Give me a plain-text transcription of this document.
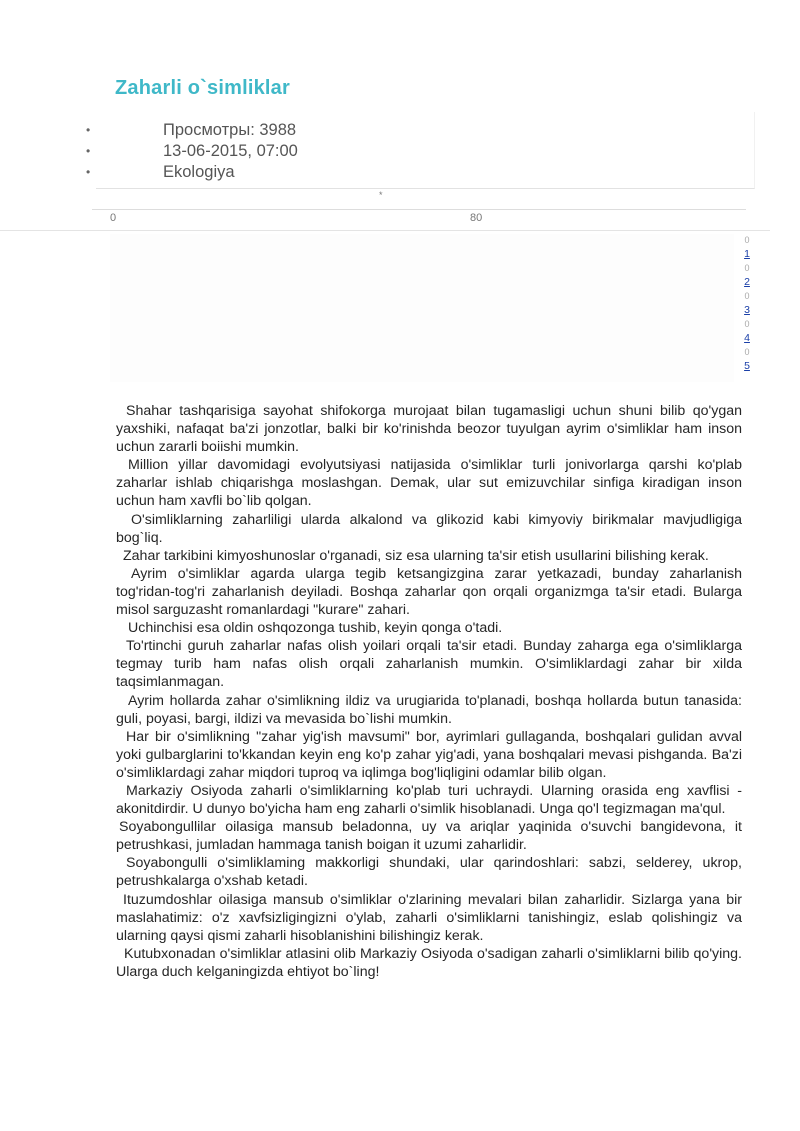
Zaharli o`simliklar
•	Просмотры: 3988
•	13-06-2015, 07:00
•	Ekologiya
*
0	80
0
1
0
2
0
3
0
4
0
5

Shahar tashqarisiga sayohat shifokorga murojaat bilan tugamasligi uchun shuni bilib qo'ygan yaxshiki, nafaqat ba'zi jonzotlar, balki bir ko'rinishda beozor tuyulgan ayrim o'simliklar ham inson uchun zararli boiishi mumkin.

Million yillar davomidagi evolyutsiyasi natijasida o'simliklar turli jonivorlarga qarshi ko'plab zaharlar ishlab chiqarishga moslashgan. Demak, ular sut emizuvchilar sinfiga kiradigan inson uchun ham xavfli bo`lib qolgan.

O'simliklarning zaharliligi ularda alkalond va glikozid kabi kimyoviy birikmalar mavjudligiga bog`liq.

Zahar tarkibini kimyoshunoslar o'rganadi, siz esa ularning ta'sir etish usullarini bilishing kerak.

Ayrim o'simliklar agarda ularga tegib ketsangizgina zarar yetkazadi, bunday zaharlanish tog'ridan-tog'ri zaharlanish deyiladi. Boshqa zaharlar qon orqali organizmga ta'sir etadi. Bularga misol sarguzasht romanlardagi "kurare" zahari.

Uchinchisi esa oldin oshqozonga tushib, keyin qonga o'tadi.

To'rtinchi guruh zaharlar nafas olish yoilari orqali ta'sir etadi. Bunday zaharga ega o'simliklarga tegmay turib ham nafas olish orqali zaharlanish mumkin. O'simliklardagi zahar bir xilda taqsimlanmagan.

Ayrim hollarda zahar o'simlikning ildiz va urugiarida to'planadi, boshqa hollarda butun tanasida: guli, poyasi, bargi, ildizi va mevasida bo`lishi mumkin.

Har bir o'simlikning "zahar yig'ish mavsumi" bor, ayrimlari gullaganda, boshqalari gulidan avval yoki gulbarglarini to'kkandan keyin eng ko'p zahar yig'adi, yana boshqalari mevasi pishganda. Ba'zi o'simliklardagi zahar miqdori tuproq va iqlimga bog'liqligini odamlar bilib olgan.

Markaziy Osiyoda zaharli o'simliklarning ko'plab turi uchraydi. Ularning orasida eng xavflisi - akonitdirdir. U dunyo bo'yicha ham eng zaharli o'simlik hisoblanadi. Unga qo'l tegizmagan ma'qul.

Soyabongullilar oilasiga mansub beladonna, uy va ariqlar yaqinida o'suvchi bangidevona, it petrushkasi, jumladan hammaga tanish boigan it uzumi zaharlidir.

Soyabongulli o'simliklaming makkorligi shundaki, ular qarindoshlari: sabzi, selderey, ukrop, petrushkalarga o'xshab ketadi.

Ituzumdoshlar oilasiga mansub o'simliklar o'zlarining mevalari bilan zaharlidir. Sizlarga yana bir maslahatimiz: o'z xavfsizligingizni o'ylab, zaharli o'simliklarni tanishingiz, eslab qolishingiz va ularning qaysi qismi zaharli hisoblanishini bilishingiz kerak.

Kutubxonadan o'simliklar atlasini olib Markaziy Osiyoda o'sadigan zaharli o'simliklarni bilib qo'ying. Ularga duch kelganingizda ehtiyot bo`ling!
